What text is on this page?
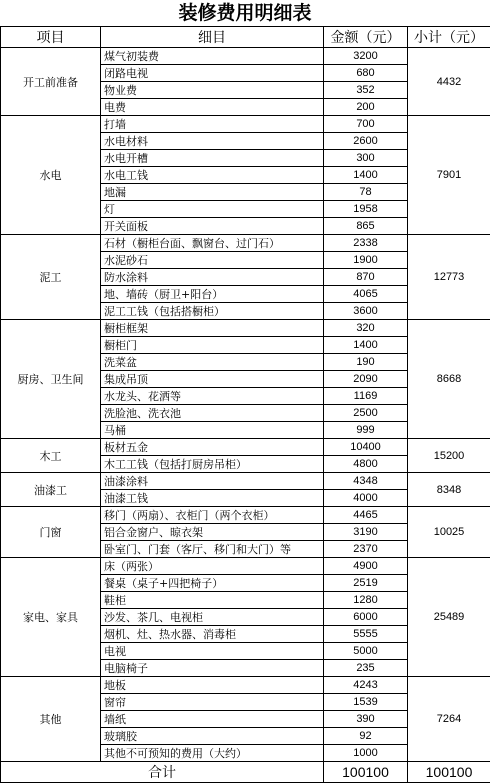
装修费用明细表
项目	细目	金额（元）	小计（元）
开工前准备	煤气初装费	3200	4432
	闭路电视	680	
	物业费	352	
	电费	200	
水电	打墙	700	7901
	水电材料	2600	
	水电开槽	300	
	水电工钱	1400	
	地漏	78	
	灯	1958	
	开关面板	865	
泥工	石材（橱柜台面、飘窗台、过门石）	2338	12773
	水泥砂石	1900	
	防水涂料	870	
	地、墙砖（厨卫+阳台）	4065	
	泥工工钱（包括搭橱柜）	3600	
厨房、卫生间	橱柜框架	320	8668
	橱柜门	1400	
	洗菜盆	190	
	集成吊顶	2090	
	水龙头、花洒等	1169	
	洗脸池、洗衣池	2500	
	马桶	999	
木工	板材五金	10400	15200
	木工工钱（包括打厨房吊柜）	4800	
油漆工	油漆涂料	4348	8348
	油漆工钱	4000	
门窗	移门（两扇）、衣柜门（两个衣柜）	4465	10025
	铝合金窗户、晾衣架	3190	
	卧室门、门套（客厅、移门和大门）等	2370	
家电、家具	床（两张）	4900	25489
	餐桌（桌子+四把椅子）	2519	
	鞋柜	1280	
	沙发、茶几、电视柜	6000	
	烟机、灶、热水器、消毒柜	5555	
	电视	5000	
	电脑椅子	235	
其他	地板	4243	7264
	窗帘	1539	
	墙纸	390	
	玻璃胶	92	
	其他不可预知的费用（大约）	1000	
合计		100100	100100
